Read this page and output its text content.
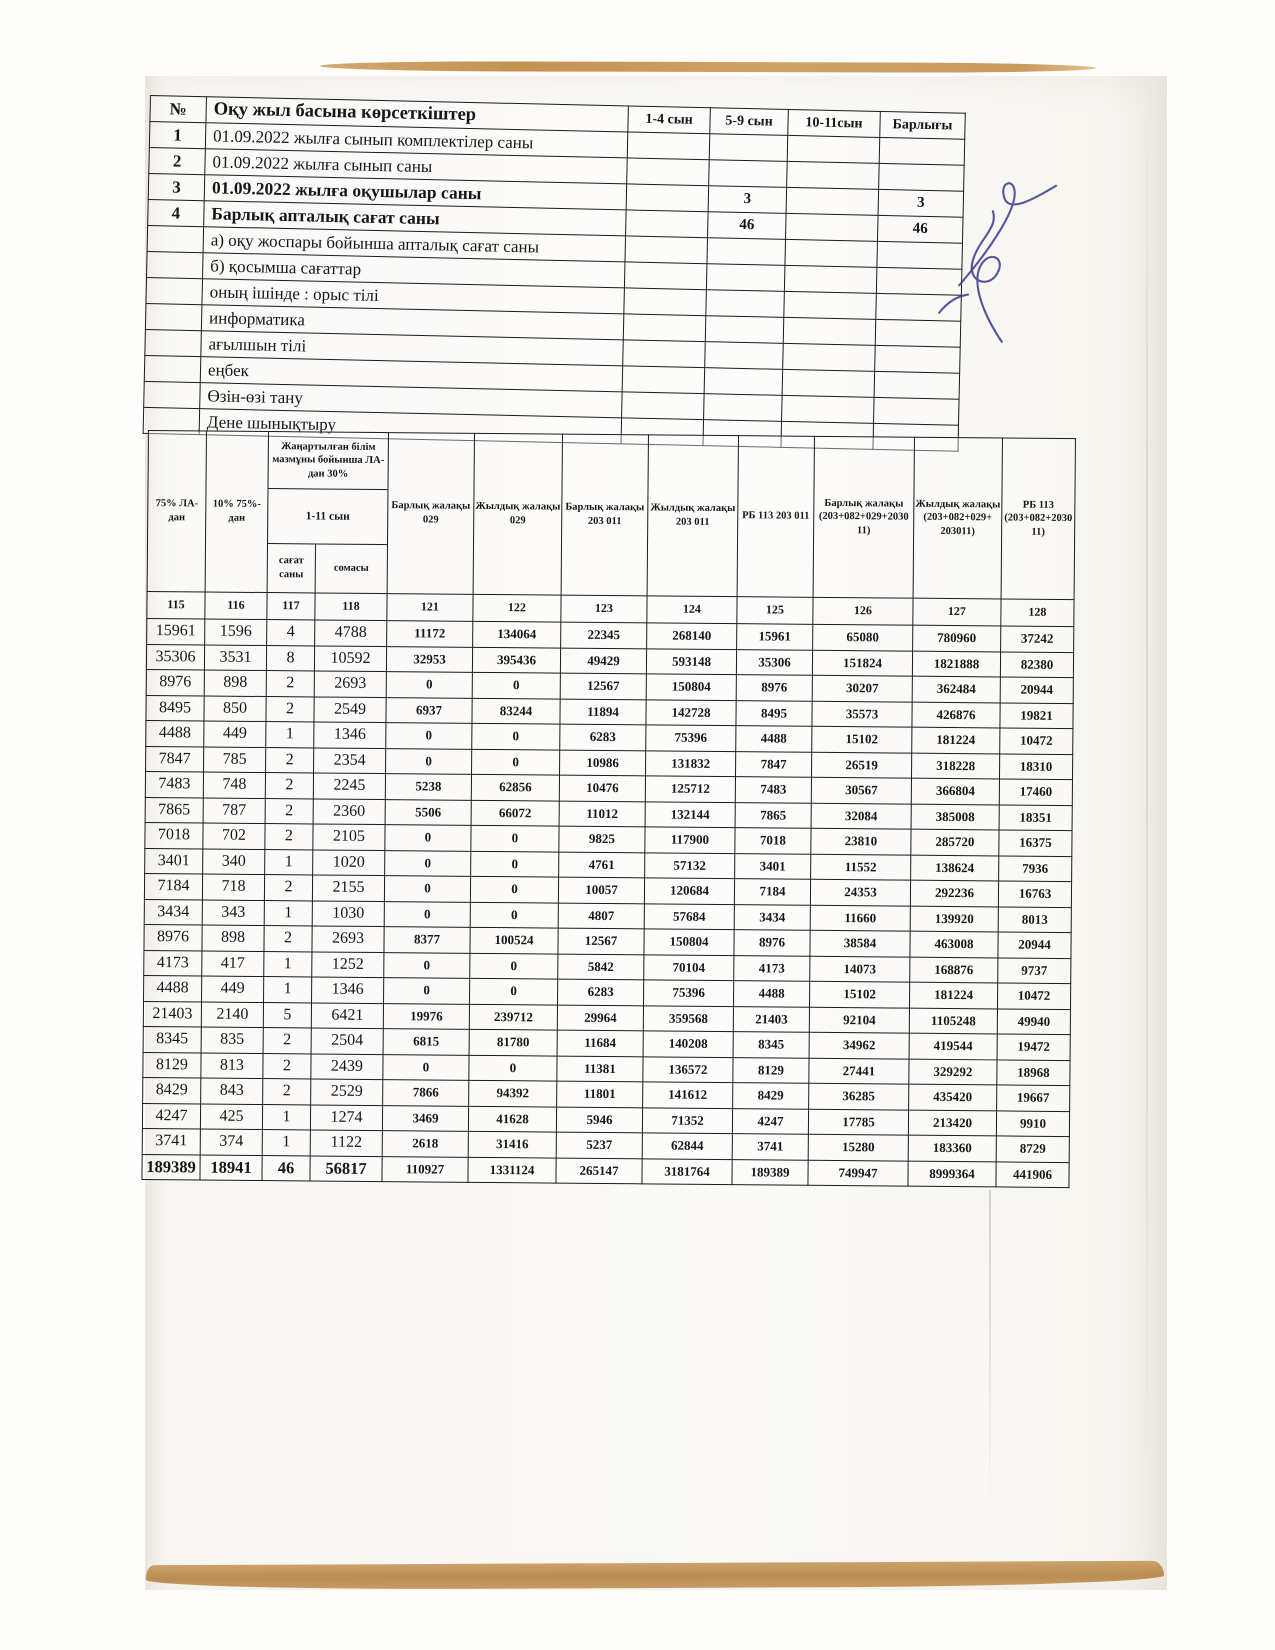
№	Оқу жыл басына көрсеткіштер	1-4 сын	5-9 сын	10-11сын	Барлығы
1	01.09.2022 жылға сынып комплектілер саны				
2	01.09.2022 жылға сынып саны				
3	01.09.2022 жылға оқушылар саны		3		3
4	Барлық апталық сағат саны		46		46
	а) оқу жоспары бойынша апталық сағат саны				
	б) қосымша сағаттар				
	оның ішінде : орыс тілі				
	информатика				
	ағылшын тілі				
	еңбек				
	Өзін-өзі тану				
	Дене шынықтыру				
75% ЛА-дан	10% 75%-дан	Жаңартылған білім мазмұны бойынша ЛА-дан 30%		Барлық жалақы 029	Жылдық жалақы 029	Барлық жалақы 203 011	Жылдық жалақы 203 011	РБ 113 203 011	Барлық жалақы (203+082+029+2030 11)	Жылдық жалақы (203+082+029+ 203011)	РБ 113 (203+082+2030 11)
		1-11 сын									
		сағат саны	сомасы								
115	116	117	118	121	122	123	124	125	126	127	128
15961	1596	4	4788	11172	134064	22345	268140	15961	65080	780960	37242
35306	3531	8	10592	32953	395436	49429	593148	35306	151824	1821888	82380
8976	898	2	2693	0	0	12567	150804	8976	30207	362484	20944
8495	850	2	2549	6937	83244	11894	142728	8495	35573	426876	19821
4488	449	1	1346	0	0	6283	75396	4488	15102	181224	10472
7847	785	2	2354	0	0	10986	131832	7847	26519	318228	18310
7483	748	2	2245	5238	62856	10476	125712	7483	30567	366804	17460
7865	787	2	2360	5506	66072	11012	132144	7865	32084	385008	18351
7018	702	2	2105	0	0	9825	117900	7018	23810	285720	16375
3401	340	1	1020	0	0	4761	57132	3401	11552	138624	7936
7184	718	2	2155	0	0	10057	120684	7184	24353	292236	16763
3434	343	1	1030	0	0	4807	57684	3434	11660	139920	8013
8976	898	2	2693	8377	100524	12567	150804	8976	38584	463008	20944
4173	417	1	1252	0	0	5842	70104	4173	14073	168876	9737
4488	449	1	1346	0	0	6283	75396	4488	15102	181224	10472
21403	2140	5	6421	19976	239712	29964	359568	21403	92104	1105248	49940
8345	835	2	2504	6815	81780	11684	140208	8345	34962	419544	19472
8129	813	2	2439	0	0	11381	136572	8129	27441	329292	18968
8429	843	2	2529	7866	94392	11801	141612	8429	36285	435420	19667
4247	425	1	1274	3469	41628	5946	71352	4247	17785	213420	9910
3741	374	1	1122	2618	31416	5237	62844	3741	15280	183360	8729
189389	18941	46	56817	110927	1331124	265147	3181764	189389	749947	8999364	441906
